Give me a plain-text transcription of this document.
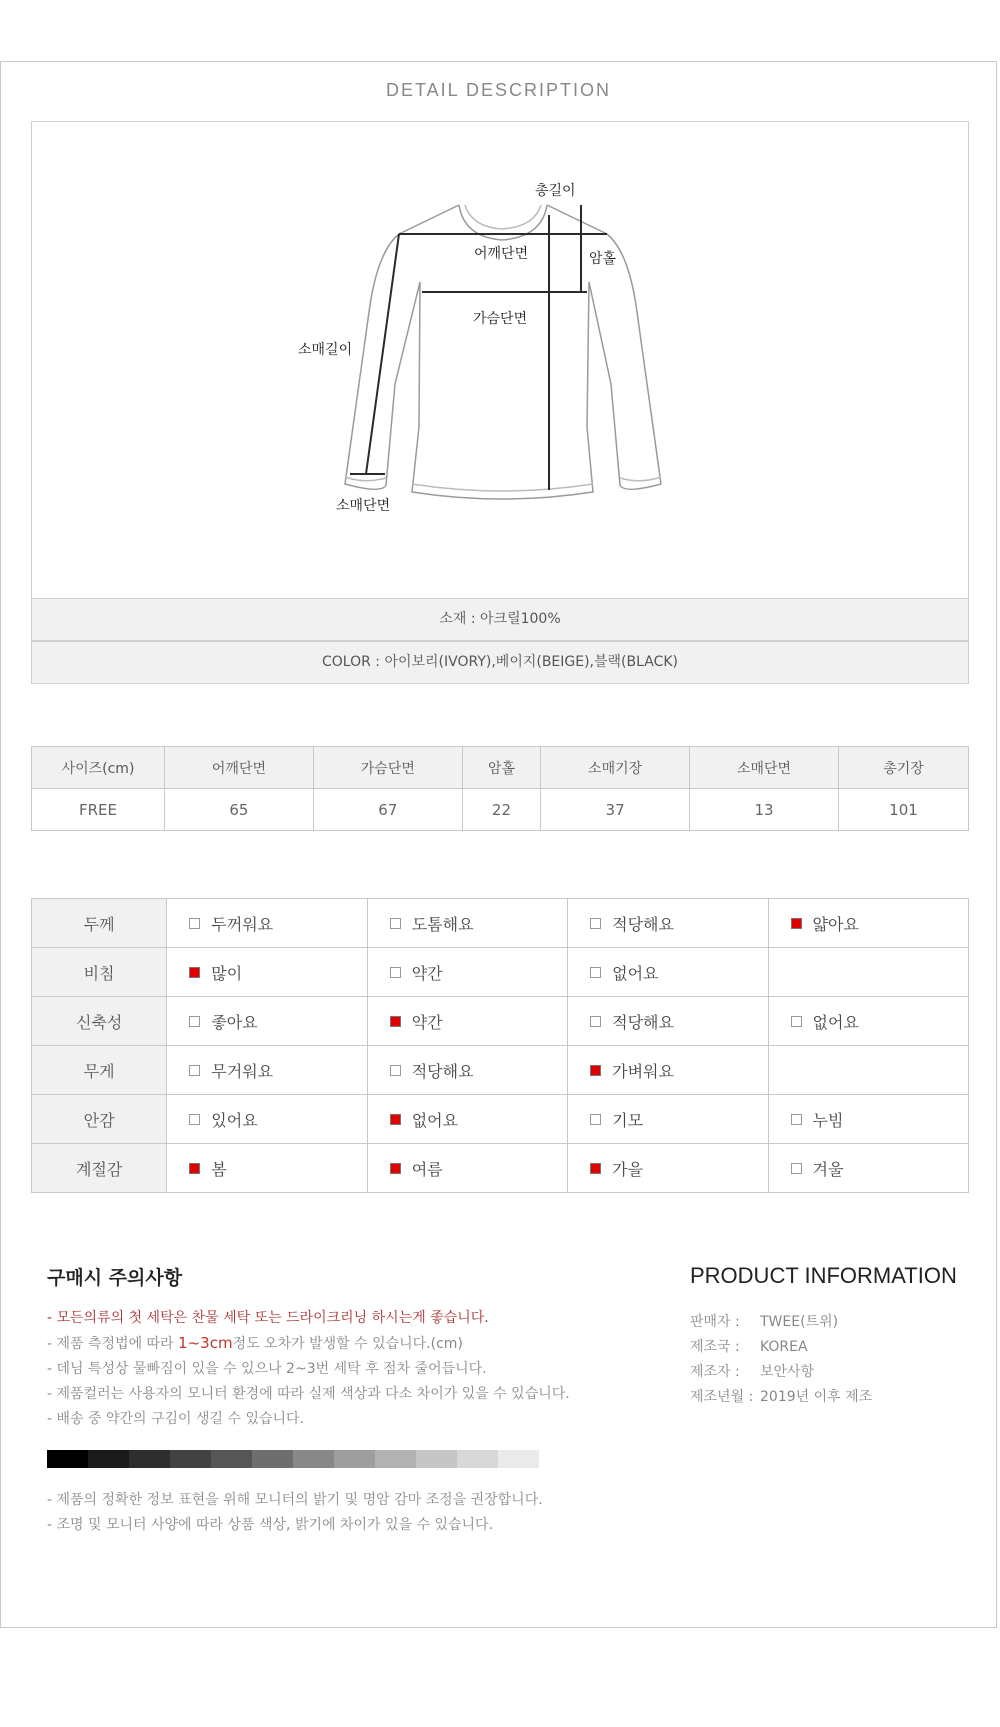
DETAIL DESCRIPTION
총길이
어깨단면	암홀
가슴단면
소매길이
소매단면
소재 : 아크릴100%
COLOR : 아이보리(IVORY),베이지(BEIGE),블랙(BLACK)
사이즈(cm)	어깨단면	가슴단면	암홀	소매기장	소매단면	총기장
FREE	65	67	22	37	13	101
두께	두꺼워요	도톰해요	적당해요	얇아요
비침	많이	약간	없어요	
신축성	좋아요	약간	적당해요	없어요
무게	무거워요	적당해요	가벼워요	
안감	있어요	없어요	기모	누빔
계절감	봄	여름	가을	겨울
구매시 주의사항
- 모든의류의 첫 세탁은 찬물 세탁 또는 드라이크리닝 하시는게 좋습니다.
- 제품 측정법에 따라 1~3cm정도 오차가 발생할 수 있습니다.(cm)
- 데님 특성상 물빠짐이 있을 수 있으나 2~3번 세탁 후 점차 줄어듭니다.
- 제품컬러는 사용자의 모니터 환경에 따라 실제 색상과 다소 차이가 있을 수 있습니다.
- 배송 중 약간의 구김이 생길 수 있습니다.
- 제품의 정확한 정보 표현을 위해 모니터의 밝기 및 명암 감마 조정을 권장합니다.
- 조명 및 모니터 사양에 따라 상품 색상, 밝기에 차이가 있을 수 있습니다.
PRODUCT INFORMATION
판매자 : TWEE(트위)
제조국 : KOREA
제조자 : 보안사항
제조년월 : 2019년 이후 제조
